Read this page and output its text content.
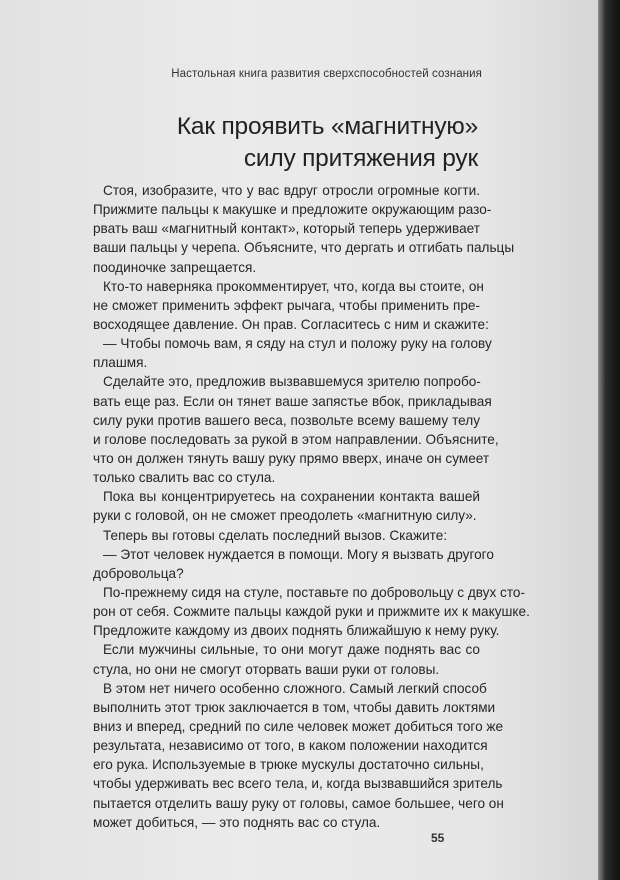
Настольная книга развития сверхспособностей сознания
Как проявить «магнитную»
силу притяжения рук
Стоя, изобразите, что у вас вдруг отросли огромные когти.
Прижмите пальцы к макушке и предложите окружающим разо-
рвать ваш «магнитный контакт», который теперь удерживает
ваши пальцы у черепа. Объясните, что дергать и отгибать пальцы
поодиночке запрещается.
Кто-то наверняка прокомментирует, что, когда вы стоите, он
не сможет применить эффект рычага, чтобы применить пре-
восходящее давление. Он прав. Согласитесь с ним и скажите:
— Чтобы помочь вам, я сяду на стул и положу руку на голову
плашмя.
Сделайте это, предложив вызвавшемуся зрителю попробо-
вать еще раз. Если он тянет ваше запястье вбок, прикладывая
силу руки против вашего веса, позвольте всему вашему телу
и голове последовать за рукой в этом направлении. Объясните,
что он должен тянуть вашу руку прямо вверх, иначе он сумеет
только свалить вас со стула.
Пока вы концентрируетесь на сохранении контакта вашей
руки с головой, он не сможет преодолеть «магнитную силу».
Теперь вы готовы сделать последний вызов. Скажите:
— Этот человек нуждается в помощи. Могу я вызвать другого
добровольца?
По-прежнему сидя на стуле, поставьте по добровольцу с двух сто-
рон от себя. Сожмите пальцы каждой руки и прижмите их к макушке.
Предложите каждому из двоих поднять ближайшую к нему руку.
Если мужчины сильные, то они могут даже поднять вас со
стула, но они не смогут оторвать ваши руки от головы.
В этом нет ничего особенно сложного. Самый легкий способ
выполнить этот трюк заключается в том, чтобы давить локтями
вниз и вперед, средний по силе человек может добиться того же
результата, независимо от того, в каком положении находится
его рука. Используемые в трюке мускулы достаточно сильны,
чтобы удерживать вес всего тела, и, когда вызвавшийся зритель
пытается отделить вашу руку от головы, самое большее, чего он
может добиться, — это поднять вас со стула.
55
